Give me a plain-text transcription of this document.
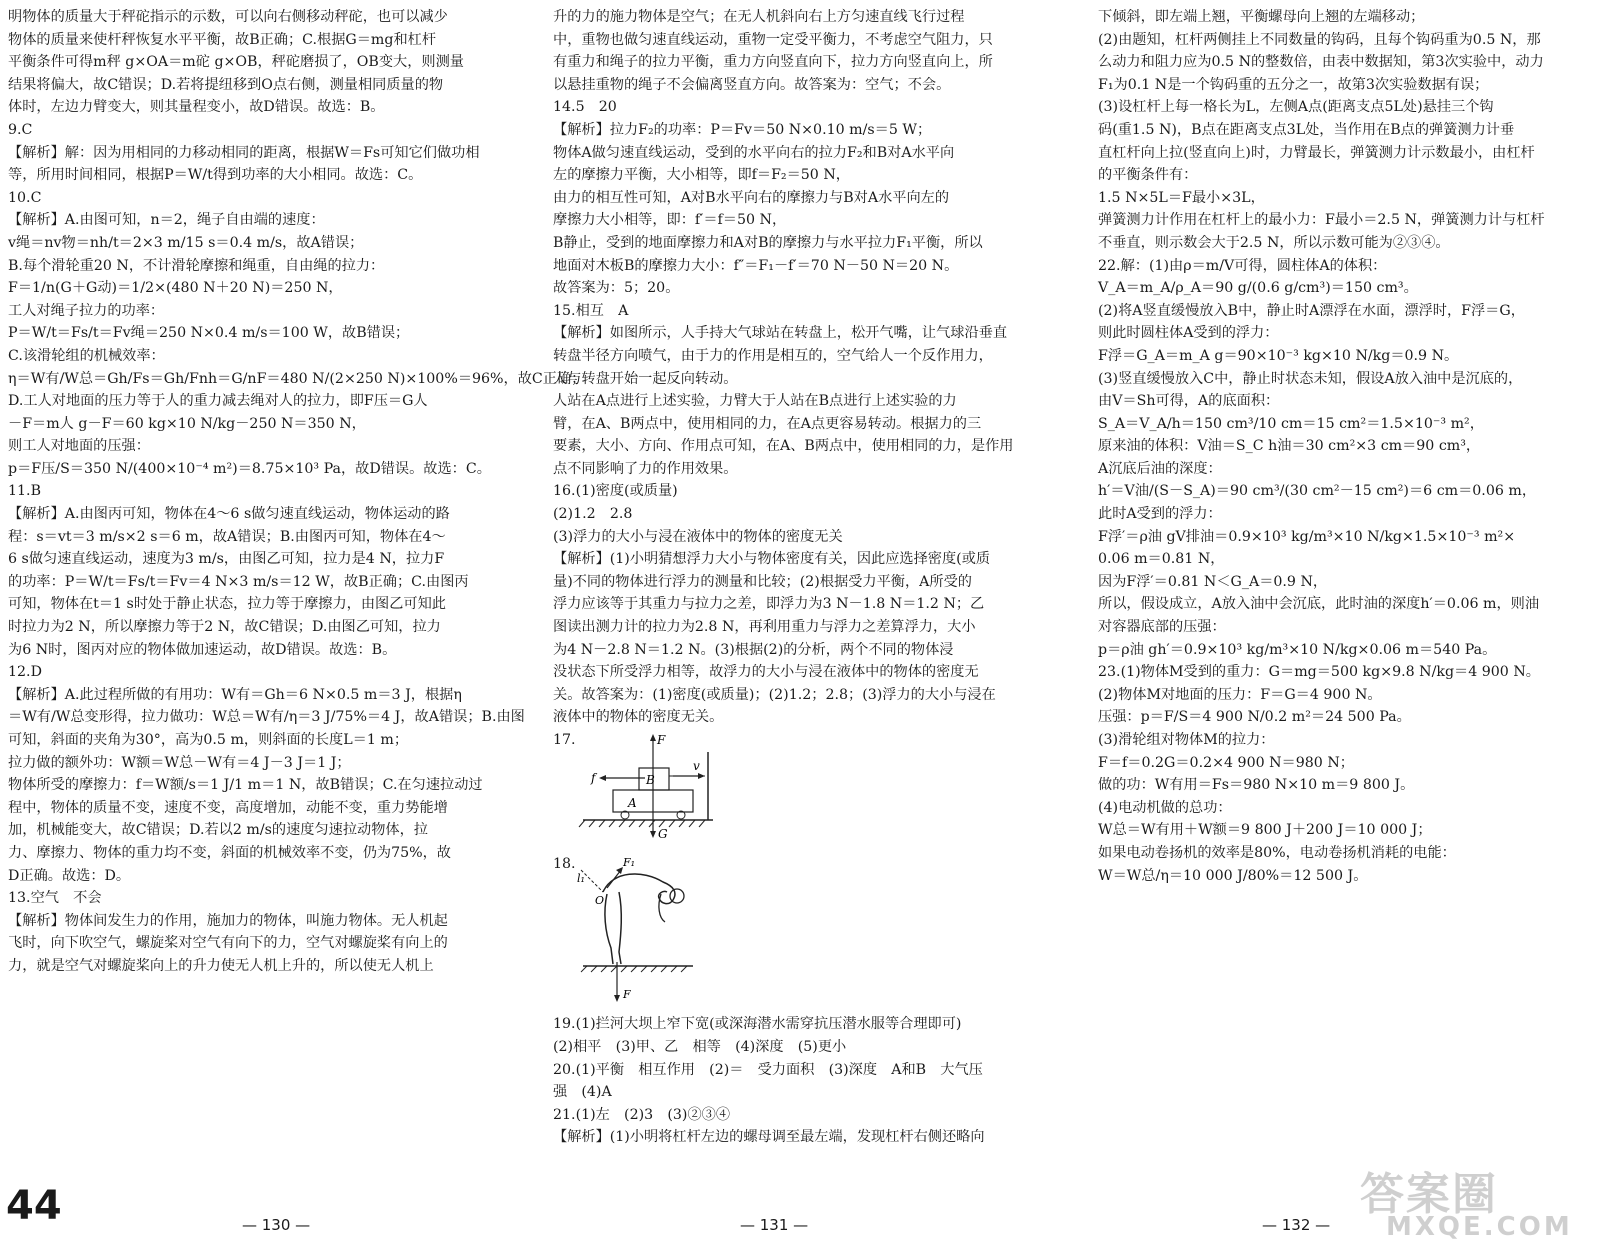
明物体的质量大于秤砣指示的示数，可以向右侧移动秤砣，也可以减少

物体的质量来使杆秤恢复水平平衡，故B正确；C.根据G＝mg和杠杆

平衡条件可得m秤 g×OA＝m砣 g×OB，秤砣磨损了，OB变大，则测量

结果将偏大，故C错误；D.若将提纽移到O点右侧，测量相同质量的物

体时，左边力臂变大，则其量程变小，故D错误。故选：B。

9.C

【解析】解：因为用相同的力移动相同的距离，根据W＝Fs可知它们做功相

等，所用时间相同，根据P＝W/t得到功率的大小相同。故选：C。

10.C

【解析】A.由图可知，n＝2，绳子自由端的速度：

v绳＝nv物＝nh/t＝2×3 m/15 s＝0.4 m/s，故A错误；

B.每个滑轮重20 N，不计滑轮摩擦和绳重，自由绳的拉力：

F＝1/n(G＋G动)＝1/2×(480 N＋20 N)＝250 N，

工人对绳子拉力的功率：

P＝W/t＝Fs/t＝Fv绳＝250 N×0.4 m/s＝100 W，故B错误；

C.该滑轮组的机械效率：

η＝W有/W总＝Gh/Fs＝Gh/Fnh＝G/nF＝480 N/(2×250 N)×100%＝96%，故C正确；

D.工人对地面的压力等于人的重力减去绳对人的拉力，即F压＝G人

－F＝m人 g－F＝60 kg×10 N/kg－250 N＝350 N，

则工人对地面的压强：

p＝F压/S＝350 N/(400×10⁻⁴ m²)＝8.75×10³ Pa，故D错误。故选：C。

11.B

【解析】A.由图丙可知，物体在4～6 s做匀速直线运动，物体运动的路

程：s＝vt＝3 m/s×2 s＝6 m，故A错误；B.由图丙可知，物体在4～

6 s做匀速直线运动，速度为3 m/s，由图乙可知，拉力是4 N，拉力F

的功率：P＝W/t＝Fs/t＝Fv＝4 N×3 m/s＝12 W，故B正确；C.由图丙

可知，物体在t＝1 s时处于静止状态，拉力等于摩擦力，由图乙可知此

时拉力为2 N，所以摩擦力等于2 N，故C错误；D.由图乙可知，拉力

为6 N时，图丙对应的物体做加速运动，故D错误。故选：B。

12.D

【解析】A.此过程所做的有用功：W有＝Gh＝6 N×0.5 m＝3 J，根据η

＝W有/W总变形得，拉力做功：W总＝W有/η＝3 J/75%＝4 J，故A错误；B.由图

可知，斜面的夹角为30°，高为0.5 m，则斜面的长度L＝1 m；

拉力做的额外功：W额＝W总－W有＝4 J－3 J＝1 J；

物体所受的摩擦力：f＝W额/s＝1 J/1 m＝1 N，故B错误；C.在匀速拉动过

程中，物体的质量不变，速度不变，高度增加，动能不变，重力势能增

加，机械能变大，故C错误；D.若以2 m/s的速度匀速拉动物体，拉

力、摩擦力、物体的重力均不变，斜面的机械效率不变，仍为75%，故

D正确。故选：D。

13.空气　不会

【解析】物体间发生力的作用，施加力的物体，叫施力物体。无人机起

飞时，向下吹空气，螺旋桨对空气有向下的力，空气对螺旋桨有向上的

力，就是空气对螺旋桨向上的升力使无人机上升的，所以使无人机上

升的力的施力物体是空气；在无人机斜向右上方匀速直线飞行过程

中，重物也做匀速直线运动，重物一定受平衡力，不考虑空气阻力，只

有重力和绳子的拉力平衡，重力方向竖直向下，拉力方向竖直向上，所

以悬挂重物的绳子不会偏离竖直方向。故答案为：空气；不会。

14.5　20

【解析】拉力F₂的功率：P＝Fv＝50 N×0.10 m/s＝5 W；

物体A做匀速直线运动，受到的水平向右的拉力F₂和B对A水平向

左的摩擦力平衡，大小相等，即f＝F₂＝50 N，

由力的相互性可知，A对B水平向右的摩擦力与B对A水平向左的

摩擦力大小相等，即：f′＝f＝50 N，

B静止，受到的地面摩擦力和A对B的摩擦力与水平拉力F₁平衡，所以

地面对木板B的摩擦力大小：f″＝F₁－f′＝70 N－50 N＝20 N。

故答案为：5；20。

15.相互　A

【解析】如图所示，人手持大气球站在转盘上，松开气嘴，让气球沿垂直

转盘半径方向喷气，由于力的作用是相互的，空气给人一个反作用力，

人与转盘开始一起反向转动。

人站在A点进行上述实验，力臂大于人站在B点进行上述实验的力

臂，在A、B两点中，使用相同的力，在A点更容易转动。根据力的三

要素，大小、方向、作用点可知，在A、B两点中，使用相同的力，是作用

点不同影响了力的作用效果。

16.(1)密度(或质量)

(2)1.2　2.8

(3)浮力的大小与浸在液体中的物体的密度无关

【解析】(1)小明猜想浮力大小与物体密度有关，因此应选择密度(或质

量)不同的物体进行浮力的测量和比较；(2)根据受力平衡，A所受的

浮力应该等于其重力与拉力之差，即浮力为3 N－1.8 N＝1.2 N；乙

图读出测力计的拉力为2.8 N，再利用重力与浮力之差算浮力，大小

为4 N－2.8 N＝1.2 N。(3)根据(2)的分析，两个不同的物体浸

没状态下所受浮力相等，故浮力的大小与浸在液体中的物体的密度无

关。故答案为：(1)密度(或质量)；(2)1.2；2.8；(3)浮力的大小与浸在

液体中的物体的密度无关。

17.	F
f	B
A
v
G

18.	F₁
l₁
O
F

19.(1)拦河大坝上窄下宽(或深海潜水需穿抗压潜水服等合理即可)

(2)相平　(3)甲、乙　相等　(4)深度　(5)更小

20.(1)平衡　相互作用　(2)＝　受力面积　(3)深度　A和B　大气压

强　(4)A

21.(1)左　(2)3　(3)②③④

【解析】(1)小明将杠杆左边的螺母调至最左端，发现杠杆右侧还略向

下倾斜，即左端上翘，平衡螺母向上翘的左端移动；

(2)由题知，杠杆两侧挂上不同数量的钩码，且每个钩码重为0.5 N，那

么动力和阻力应为0.5 N的整数倍，由表中数据知，第3次实验中，动力

F₁为0.1 N是一个钩码重的五分之一，故第3次实验数据有误；

(3)设杠杆上每一格长为L，左侧A点(距离支点5L处)悬挂三个钩

码(重1.5 N)，B点在距离支点3L处，当作用在B点的弹簧测力计垂

直杠杆向上拉(竖直向上)时，力臂最长，弹簧测力计示数最小，由杠杆

的平衡条件有：

1.5 N×5L＝F最小×3L，

弹簧测力计作用在杠杆上的最小力：F最小＝2.5 N，弹簧测力计与杠杆

不垂直，则示数会大于2.5 N，所以示数可能为②③④。

22.解：(1)由ρ＝m/V可得，圆柱体A的体积：

V_A＝m_A/ρ_A＝90 g/(0.6 g/cm³)＝150 cm³。

(2)将A竖直缓慢放入B中，静止时A漂浮在水面，漂浮时，F浮＝G，

则此时圆柱体A受到的浮力：

F浮＝G_A＝m_A g＝90×10⁻³ kg×10 N/kg＝0.9 N。

(3)竖直缓慢放入C中，静止时状态未知，假设A放入油中是沉底的，

由V＝Sh可得，A的底面积：

S_A＝V_A/h＝150 cm³/10 cm＝15 cm²＝1.5×10⁻³ m²，

原来油的体积：V油＝S_C h油＝30 cm²×3 cm＝90 cm³，

A沉底后油的深度：

h′＝V油/(S－S_A)＝90 cm³/(30 cm²－15 cm²)＝6 cm＝0.06 m，

此时A受到的浮力：

F浮′＝ρ油 gV排油＝0.9×10³ kg/m³×10 N/kg×1.5×10⁻³ m²×

0.06 m＝0.81 N，

因为F浮′＝0.81 N＜G_A＝0.9 N，

所以，假设成立，A放入油中会沉底，此时油的深度h′＝0.06 m，则油

对容器底部的压强：

p＝ρ油 gh′＝0.9×10³ kg/m³×10 N/kg×0.06 m＝540 Pa。

23.(1)物体M受到的重力：G＝mg＝500 kg×9.8 N/kg＝4 900 N。

(2)物体M对地面的压力：F＝G＝4 900 N。

压强：p＝F/S＝4 900 N/0.2 m²＝24 500 Pa。

(3)滑轮组对物体M的拉力：

F＝f＝0.2G＝0.2×4 900 N＝980 N；

做的功：W有用＝Fs＝980 N×10 m＝9 800 J。

(4)电动机做的总功：

W总＝W有用＋W额＝9 800 J＋200 J＝10 000 J；

如果电动卷扬机的效率是80%，电动卷扬机消耗的电能：

W＝W总/η＝10 000 J/80%＝12 500 J。

44	— 130 —	— 131 —	— 132 —
答案圈
MXQE.COM
